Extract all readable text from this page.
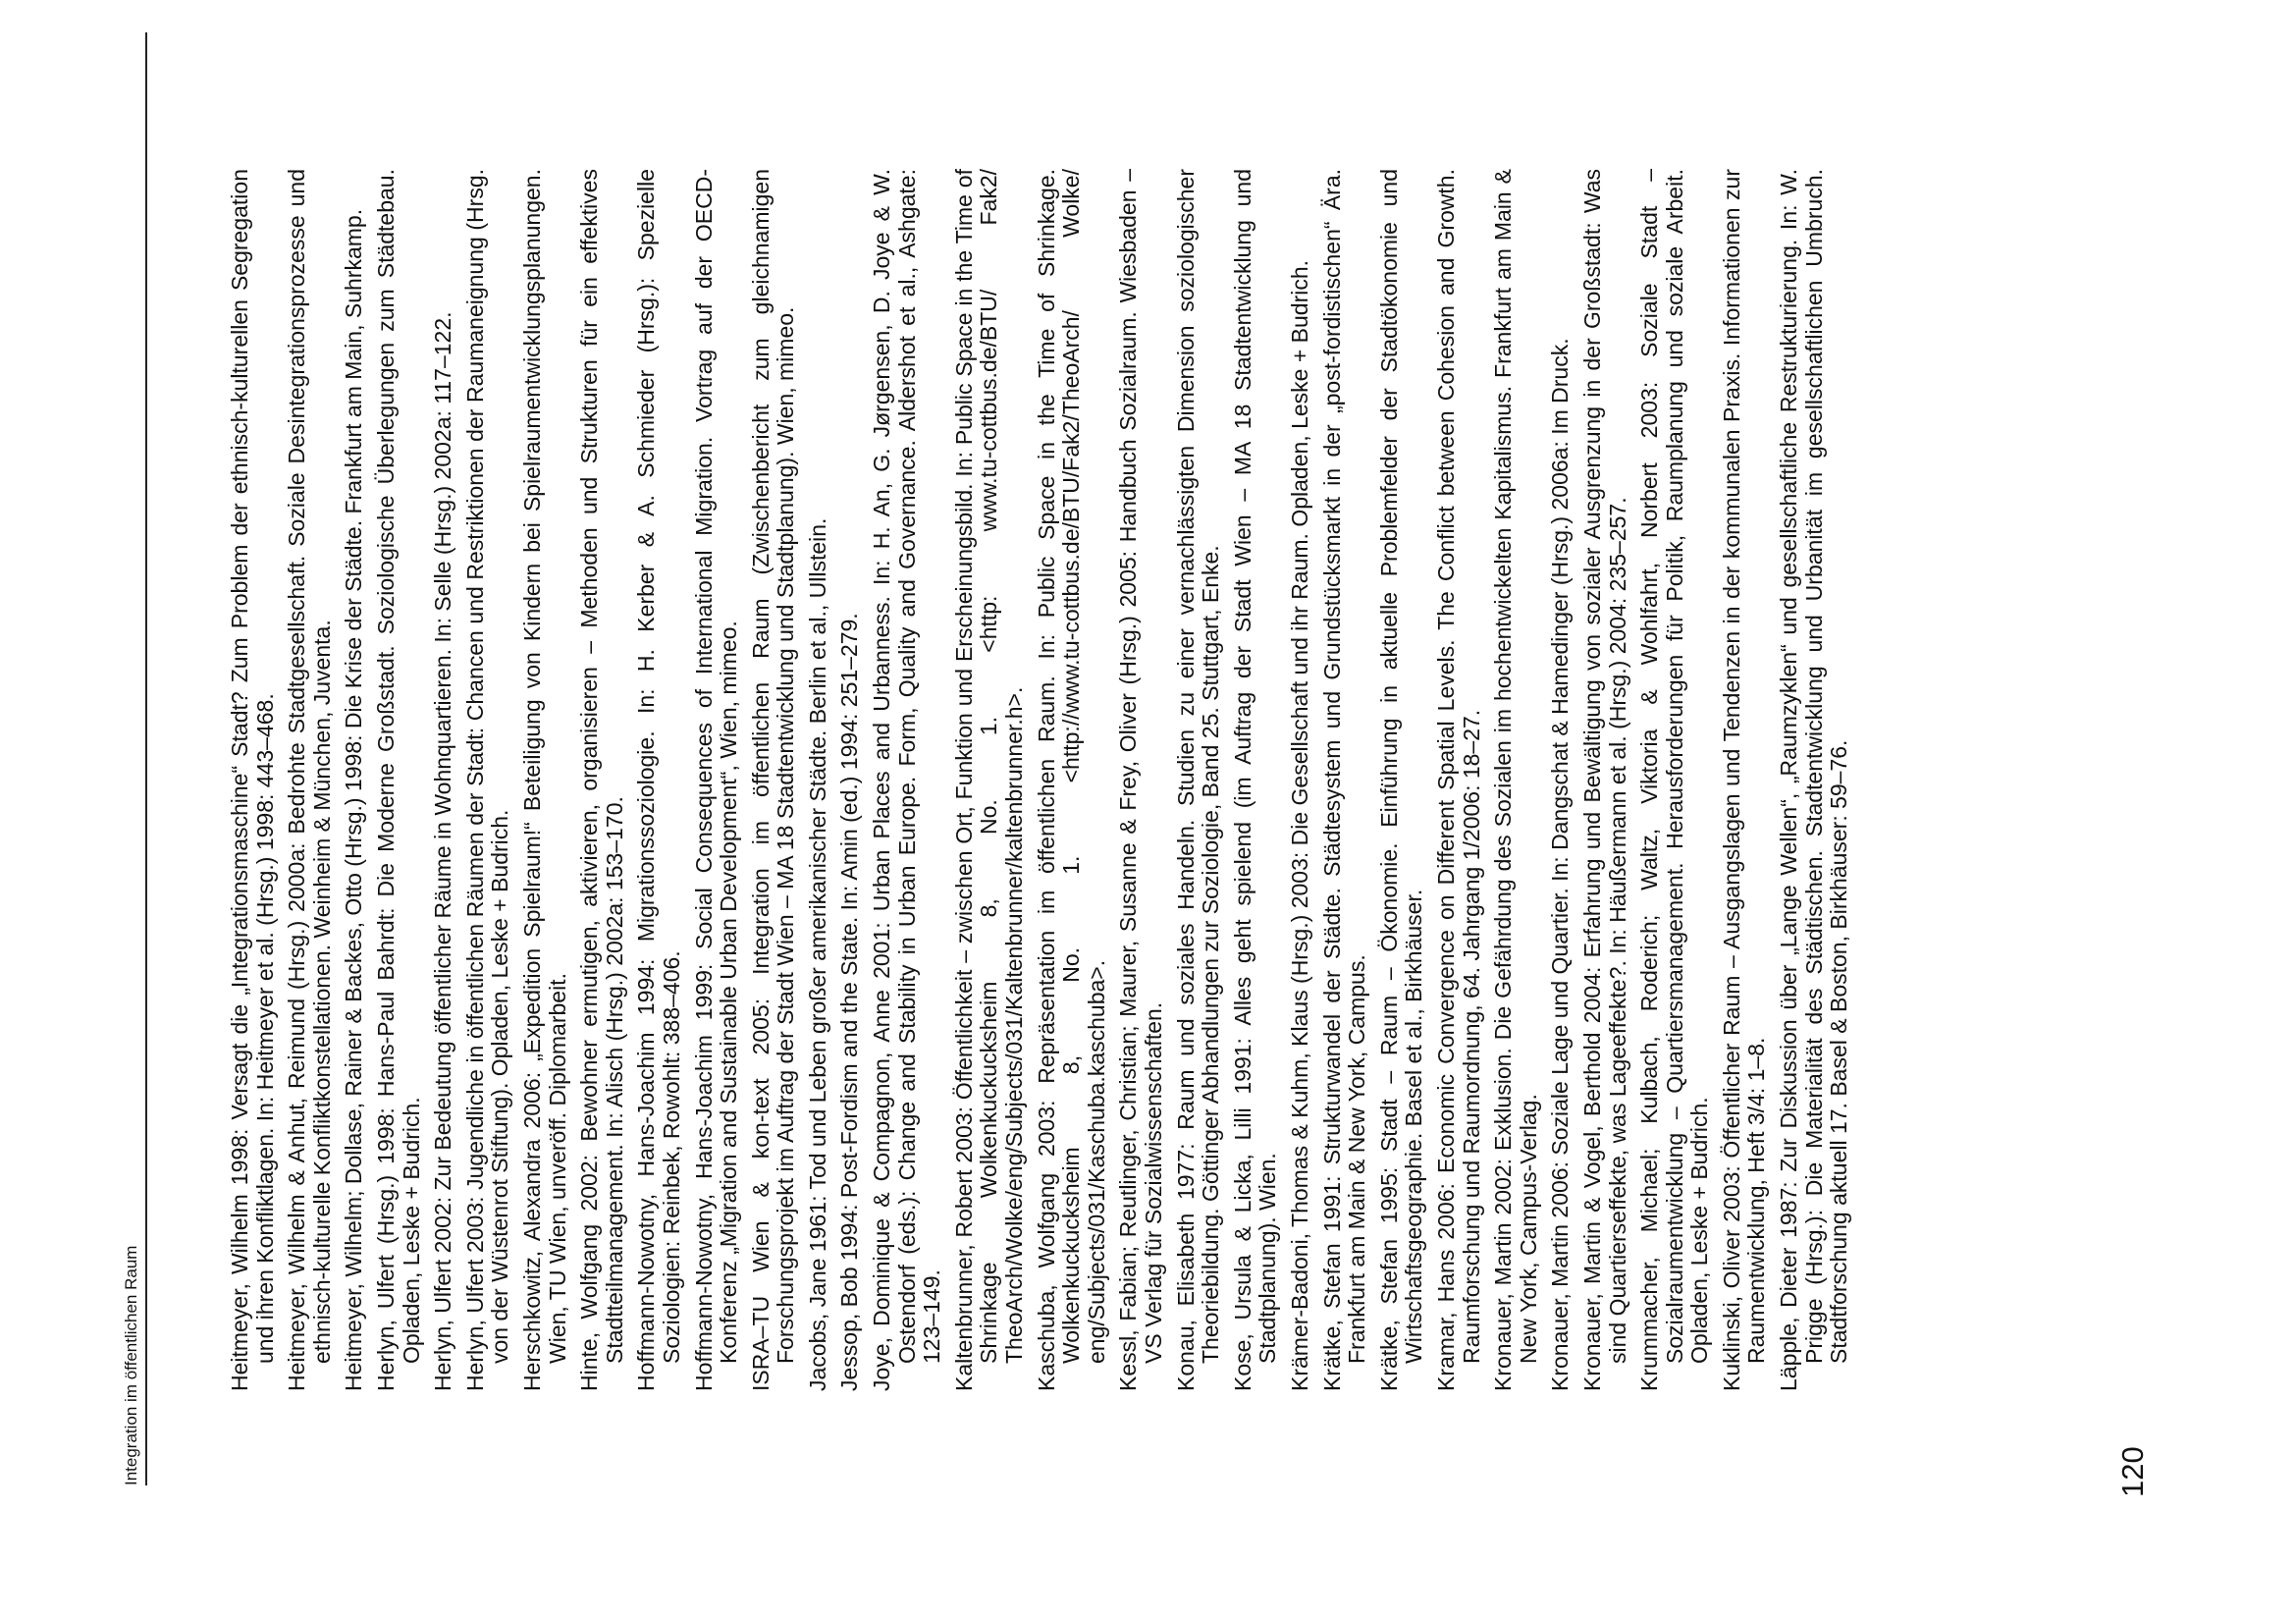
Integration im öffentlichen Raum	Heitmeyer, Wilhelm 1998: Versagt die „Integrationsmaschine“ Stadt? Zum Problem der ethnisch-kulturellen Segregation und ihren Konfliktlagen. In: Heitmeyer et al. (Hrsg.) 1998: 443–468. Heitmeyer, Wilhelm & Anhut, Reimund (Hrsg.) 2000a: Bedrohte Stadtgesellschaft. Soziale Desintegrationsprozesse und ethnisch-kulturelle Konfliktkonstellationen. Weinheim & München, Juventa. Heitmeyer, Wilhelm; Dollase, Rainer & Backes, Otto (Hrsg.) 1998: Die Krise der Städte. Frankfurt am Main, Suhrkamp. Herlyn, Ulfert (Hrsg.) 1998: Hans-Paul Bahrdt: Die Moderne Großstadt. Soziologische Überlegungen zum Städtebau. Opladen, Leske + Budrich. Herlyn, Ulfert 2002: Zur Bedeutung öffentlicher Räume in Wohnquartieren. In: Selle (Hrsg.) 2002a: 117–122. Herlyn, Ulfert 2003: Jugendliche in öffentlichen Räumen der Stadt: Chancen und Restriktionen der Raumaneignung (Hrsg. von der Wüstenrot Stiftung). Opladen, Leske + Budrich. Herschkowitz, Alexandra 2006: „Expedition Spielraum!“ Beteiligung von Kindern bei Spielraumentwicklungsplanungen. Wien, TU Wien, unveröff. Diplomarbeit. Hinte, Wolfgang 2002: Bewohner ermutigen, aktivieren, organisieren – Methoden und Strukturen für ein effektives Stadtteilmanagement. In: Alisch (Hrsg.) 2002a: 153–170. Hoffmann-Nowotny, Hans-Joachim 1994: Migrationssoziologie. In: H. Kerber & A. Schmieder (Hrsg.): Spezielle Soziologien: Reinbek, Rowohlt: 388–406. Hoffmann-Nowotny, Hans-Joachim 1999: Social Consequences of International Migration. Vortrag auf der OECD-Konferenz „Migration and Sustainable Urban Development“, Wien, mimeo. ISRA–TU Wien & kon-text 2005: Integration im öffentlichen Raum (Zwischenbericht zum gleichnamigen Forschungsprojekt im Auftrag der Stadt Wien – MA 18 Stadtentwicklung und Stadtplanung). Wien, mimeo. Jacobs, Jane 1961: Tod und Leben großer amerikanischer Städte. Berlin et al., Ullstein. Jessop, Bob 1994: Post-Fordism and the State. In: Amin (ed.) 1994: 251–279. Joye, Dominique & Compagnon, Anne 2001: Urban Places and Urbanness. In: H. An, G. Jørgensen, D. Joye & W. Ostendorf (eds.): Change and Stability in Urban Europe. Form, Quality and Governance. Aldershot et al., Ashgate: 123–149. Kaltenbrunner, Robert 2003: Öffentlichkeit – zwischen Ort, Funktion und Erscheinungsbild. In: Public Space in the Time of Shrinkage Wolkenkuckucksheim 8, No. 1. <http: www.tu-cottbus.de/BTU/ Fak2/ TheoArch/Wolke/eng/Subjects/031/Kaltenbrunner/kaltenbrunner.h>. Kaschuba, Wolfgang 2003: Repräsentation im öffentlichen Raum. In: Public Space in the Time of Shrinkage. Wolkenkuckucksheim 8, No. 1. <http://www.tu-cottbus.de/BTU/Fak2/TheoArch/ Wolke/ eng/Subjects/031/Kaschuba.kaschuba>. Kessl, Fabian; Reutlinger, Christian; Maurer, Susanne & Frey, Oliver (Hrsg.) 2005: Handbuch Sozialraum. Wiesbaden – VS Verlag für Sozialwissenschaften. Konau, Elisabeth 1977: Raum und soziales Handeln. Studien zu einer vernachlässigten Dimension soziologischer Theoriebildung. Göttinger Abhandlungen zur Soziologie, Band 25. Stuttgart, Enke. Kose, Ursula & Licka, Lilli 1991: Alles geht spielend (im Auftrag der Stadt Wien – MA 18 Stadtentwicklung und Stadtplanung). Wien. Krämer-Badoni, Thomas & Kuhm, Klaus (Hrsg.) 2003: Die Gesellschaft und ihr Raum. Opladen, Leske + Budrich. Krätke, Stefan 1991: Strukturwandel der Städte. Städtesystem und Grundstücksmarkt in der „post-fordistischen“ Ära. Frankfurt am Main & New York, Campus. Krätke, Stefan 1995: Stadt – Raum – Ökonomie. Einführung in aktuelle Problemfelder der Stadtökonomie und Wirtschaftsgeographie. Basel et al., Birkhäuser. Kramar, Hans 2006: Economic Convergence on Different Spatial Levels. The Conflict between Cohesion and Growth. Raumforschung und Raumordnung, 64. Jahrgang 1/2006: 18–27. Kronauer, Martin 2002: Exklusion. Die Gefährdung des Sozialen im hochentwickelten Kapitalismus. Frankfurt am Main & New York, Campus-Verlag. Kronauer, Martin 2006: Soziale Lage und Quartier. In: Dangschat & Hamedinger (Hrsg.) 2006a: Im Druck. Kronauer, Martin & Vogel, Berthold 2004: Erfahrung und Bewältigung von sozialer Ausgrenzung in der Großstadt: Was sind Quartierseffekte, was Lageeffekte?. In: Häußermann et al. (Hrsg.) 2004: 235–257. Krummacher, Michael; Kulbach, Roderich; Waltz, Viktoria & Wohlfahrt, Norbert 2003: Soziale Stadt – Sozialraumentwicklung – Quartiersmanagement. Herausforderungen für Politik, Raumplanung und soziale Arbeit. Opladen, Leske + Budrich. Kuklinski, Oliver 2003: Öffentlicher Raum – Ausgangslagen und Tendenzen in der kommunalen Praxis. Informationen zur Raumentwicklung, Heft 3/4: 1–8. Läpple, Dieter 1987: Zur Diskussion über „Lange Wellen“, „Raumzyklen“ und gesellschaftliche Restrukturierung. In: W. Prigge (Hrsg.): Die Materialität des Städtischen. Stadtentwicklung und Urbanität im gesellschaftlichen Umbruch. Stadtforschung aktuell 17. Basel & Boston, Birkhäuser: 59–76.
120
